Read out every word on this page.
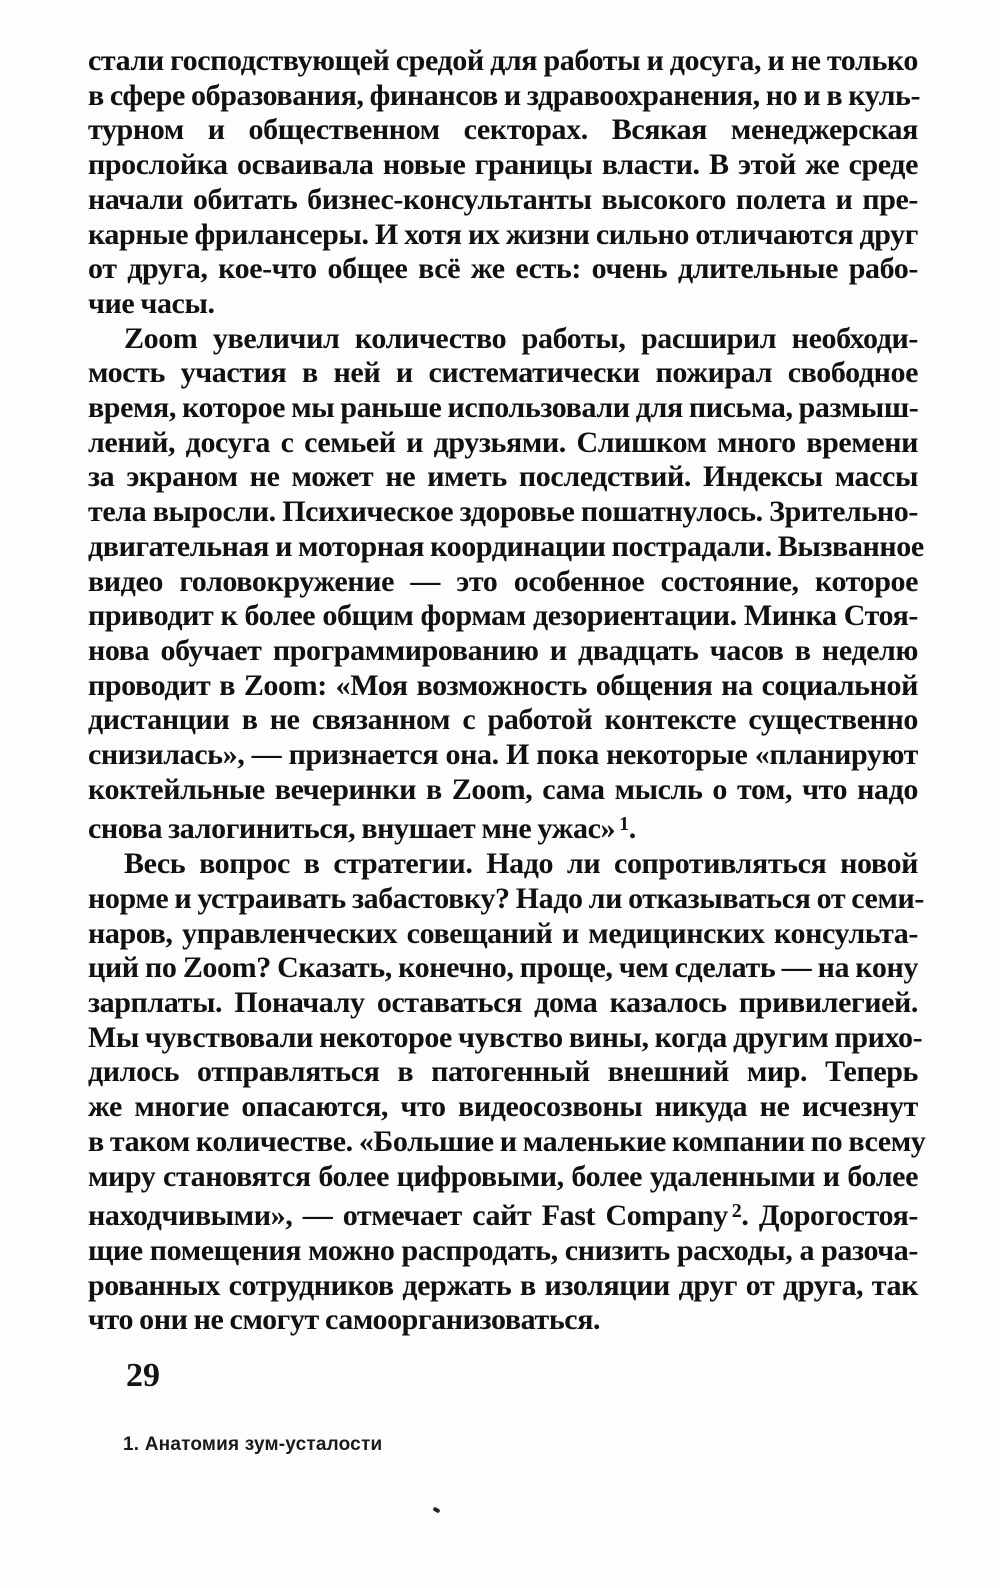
стали господствующей средой для работы и досуга, и не только
в сфере образования, финансов и здравоохранения, но и в куль-
турном и общественном секторах. Всякая менеджерская
прослойка осваивала новые границы власти. В этой же среде
начали обитать бизнес-консультанты высокого полета и пре-
карные фрилансеры. И хотя их жизни сильно отличаются друг
от друга, кое-что общее всё же есть: очень длительные рабо-
чие часы.
Zoom увеличил количество работы, расширил необходи-
мость участия в ней и систематически пожирал свободное
время, которое мы раньше использовали для письма, размыш-
лений, досуга с семьей и друзьями. Слишком много времени
за экраном не может не иметь последствий. Индексы массы
тела выросли. Психическое здоровье пошатнулось. Зрительно-
двигательная и моторная координации пострадали. Вызванное
видео головокружение — это особенное состояние, которое
приводит к более общим формам дезориентации. Минка Стоя-
нова обучает программированию и двадцать часов в неделю
проводит в Zoom: «Моя возможность общения на социальной
дистанции в не связанном с работой контексте существенно
снизилась», — признается она. И пока некоторые «планируют
коктейльные вечеринки в Zoom, сама мысль о том, что надо
снова залогиниться, внушает мне ужас» $^1$.
Весь вопрос в стратегии. Надо ли сопротивляться новой
норме и устраивать забастовку? Надо ли отказываться от семи-
наров, управленческих совещаний и медицинских консульта-
ций по Zoom? Сказать, конечно, проще, чем сделать — на кону
зарплаты. Поначалу оставаться дома казалось привилегией.
Мы чувствовали некоторое чувство вины, когда другим прихо-
дилось отправляться в патогенный внешний мир. Теперь
же многие опасаются, что видеосозвоны никуда не исчезнут
в таком количестве. «Большие и маленькие компании по всему
миру становятся более цифровыми, более удаленными и более
находчивыми», — отмечает сайт Fast Company $^2$. Дорогостоя-
щие помещения можно распродать, снизить расходы, а разоча-
рованных сотрудников держать в изоляции друг от друга, так
что они не смогут самоорганизоваться.
29
1. Анатомия зум-усталости
